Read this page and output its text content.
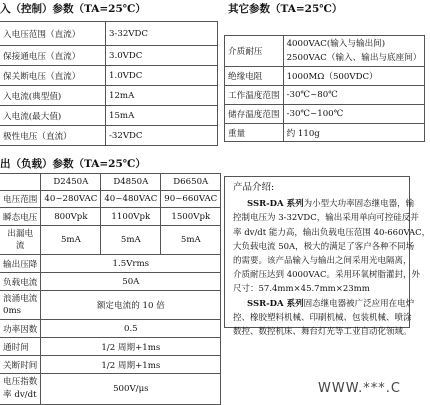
入（控制）参数（TA=25℃）
入电压范围（直流）	3-32VDC
保接通电压（直流）	3.0VDC
保关断电压（直流）	1.0VDC
入电流(典型值)	12mA
入电流(最大值)	15mA
极性电压（直流）	-32VDC
其它参数（TA=25℃）
介质耐压	4000VAC(输入与输出间)
2500VAC（输入、输出与底座间）

绝缘电阻	1000MΩ（500VDC）
工作温度范围	-30℃~80℃
储存温度范围	-30℃~100℃
重量	约 110g
出（负载）参数（TA=25℃）
	D2450A	D4850A	D6650A
电压范围	40~280VAC	40~480VAC	90~660VAC
瞬态电压	800Vpk	1100Vpk	1500Vpk

出漏电
流	5mA	5mA	5mA
输出压降	1.5Vrms		
负载电流	50A		

浪涌电流
0ms	额定电流的 10 倍		
功率因数	0.5		
通时间	1/2 周期+1ms		
关断时间	1/2 周期+1ms		

电压指数
率 dv/dt	500V/μs		

产品介绍:

SSR-DA 系列为小型大功率固态继电器，输

控制电压为 3-32VDC，输出采用单向可控硅反并

率 dv/dt 能力高，输出负载电压范围 40-660VAC，

大负载电流 50A，极大的满足了客户各种不同场

的需要。该产品输入与输出之间采用光电隔离，

介质耐压达到 4000VAC。采用环氧树脂灌封，外

尺寸：57.4mm×45.7mm×23mm

SSR-DA 系列固态继电器被广泛应用在电炉

控、橡胶塑料机械、印刷机械、包装机械、喷涂

数控、数控机床、舞台灯光等工业自动化领域。

WWW.***.C
